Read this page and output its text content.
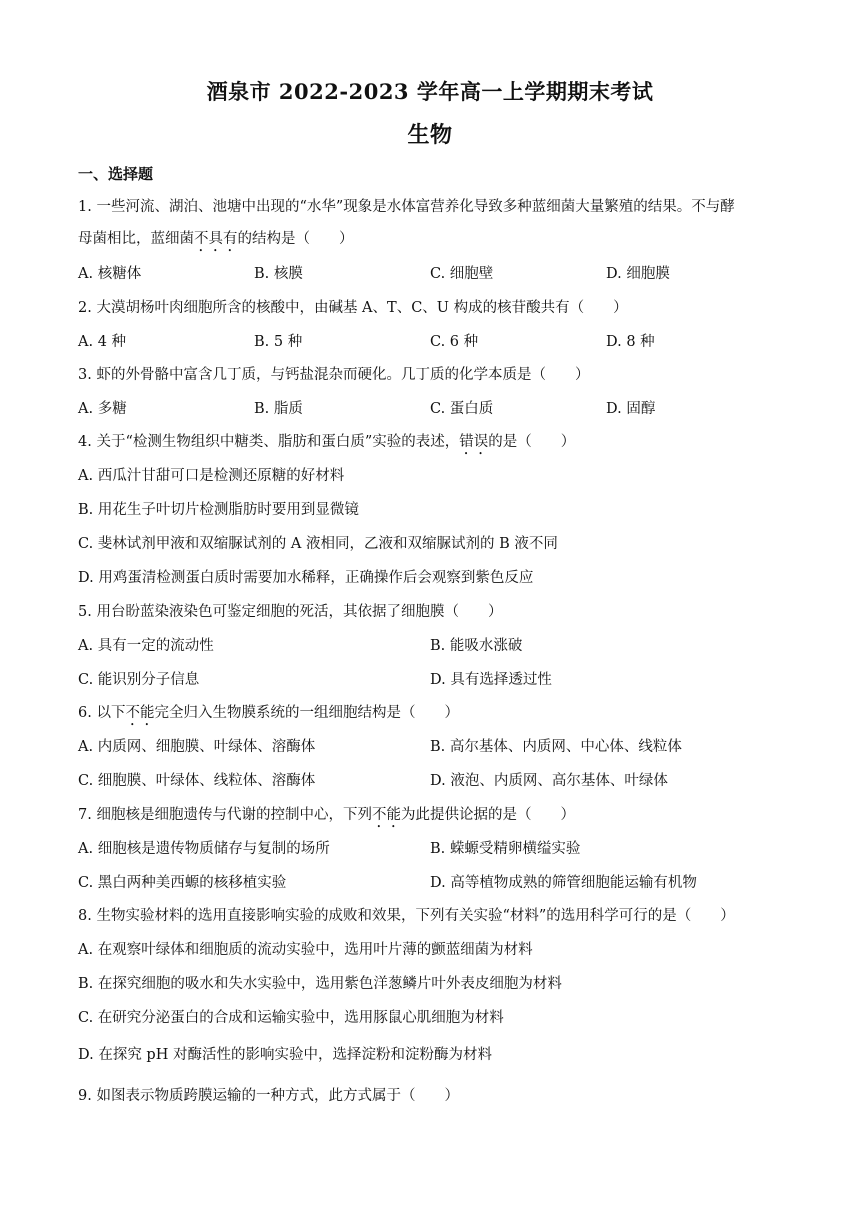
酒泉市 2022-2023 学年高一上学期期末考试
生物
一、选择题
1. 一些河流、湖泊、池塘中出现的“水华”现象是水体富营养化导致多种蓝细菌大量繁殖的结果。不与酵
母菌相比，蓝细菌不具有的结构是（　　）
A. 核糖体	B. 核膜	C. 细胞壁	D. 细胞膜
2. 大漠胡杨叶肉细胞所含的核酸中，由碱基 A、T、C、U 构成的核苷酸共有（　　）
A. 4 种	B. 5 种	C. 6 种	D. 8 种
3. 虾的外骨骼中富含几丁质，与钙盐混杂而硬化。几丁质的化学本质是（　　）
A. 多糖	B. 脂质	C. 蛋白质	D. 固醇
4. 关于“检测生物组织中糖类、脂肪和蛋白质”实验的表述，错误的是（　　）
A. 西瓜汁甘甜可口是检测还原糖的好材料
B. 用花生子叶切片检测脂肪时要用到显微镜
C. 斐林试剂甲液和双缩脲试剂的 A 液相同，乙液和双缩脲试剂的 B 液不同
D. 用鸡蛋清检测蛋白质时需要加水稀释，正确操作后会观察到紫色反应
5. 用台盼蓝染液染色可鉴定细胞的死活，其依据了细胞膜（　　）
A. 具有一定的流动性	B. 能吸水涨破
C. 能识别分子信息	D. 具有选择透过性
6. 以下不能完全归入生物膜系统的一组细胞结构是（　　）
A. 内质网、细胞膜、叶绿体、溶酶体	B. 高尔基体、内质网、中心体、线粒体
C. 细胞膜、叶绿体、线粒体、溶酶体	D. 液泡、内质网、高尔基体、叶绿体
7. 细胞核是细胞遗传与代谢的控制中心，下列不能为此提供论据的是（　　）
A. 细胞核是遗传物质储存与复制的场所	B. 蝾螈受精卵横缢实验
C. 黑白两种美西螈的核移植实验	D. 高等植物成熟的筛管细胞能运输有机物
8. 生物实验材料的选用直接影响实验的成败和效果，下列有关实验“材料”的选用科学可行的是（　　）
A. 在观察叶绿体和细胞质的流动实验中，选用叶片薄的颤蓝细菌为材料
B. 在探究细胞的吸水和失水实验中，选用紫色洋葱鳞片叶外表皮细胞为材料
C. 在研究分泌蛋白的合成和运输实验中，选用豚鼠心肌细胞为材料
D. 在探究 pH 对酶活性的影响实验中，选择淀粉和淀粉酶为材料
9. 如图表示物质跨膜运输的一种方式，此方式属于（　　）
